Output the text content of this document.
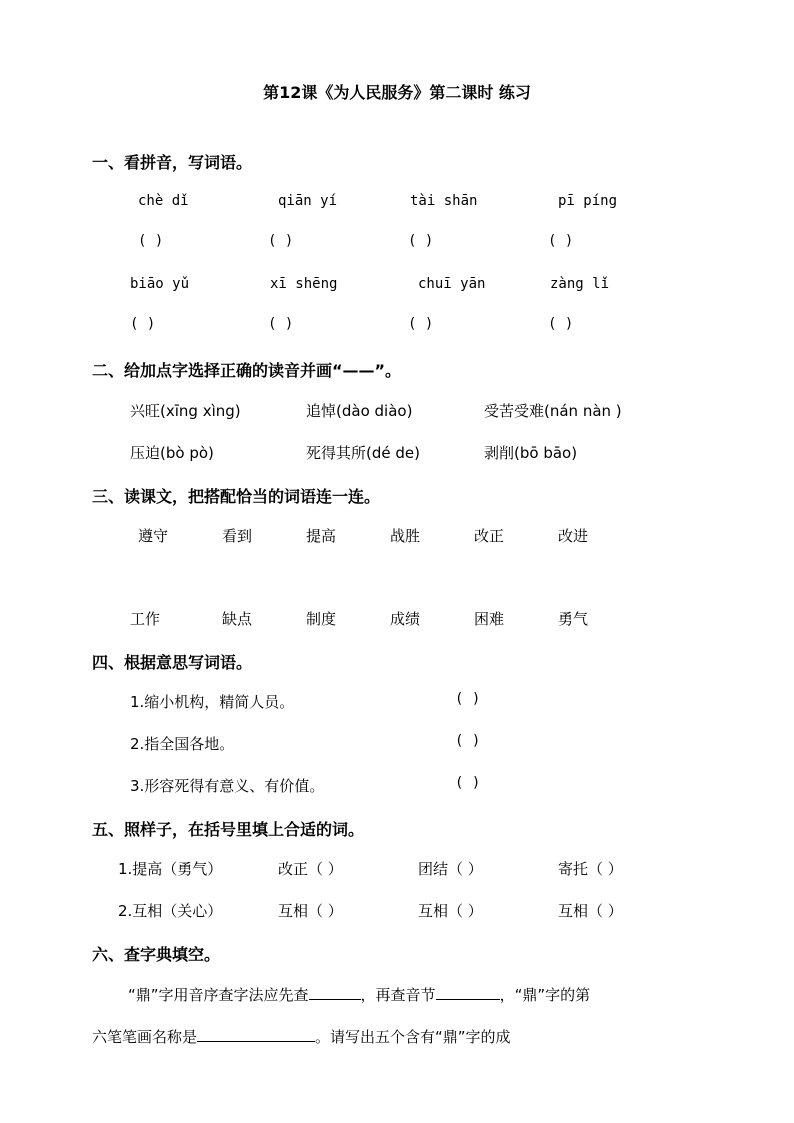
第12课《为人民服务》第二课时 练习
一、看拼音，写词语。
chè dǐ	qiān yí	tài shān	pī píng
( )	( )	( )	( )
biāo yǔ	xī shēng	chuī yān	zàng lǐ
( )	( )	( )	( )
二、给加点字选择正确的读音并画“——”。
兴旺(xīng xìng)	追悼(dào diào)	受苦受难(nán nàn )
压迫(bò pò)	死得其所(dé de)	剥削(bō bāo)
三、读课文，把搭配恰当的词语连一连。
遵守	看到	提高	战胜	改正	改进
工作	缺点	制度	成绩	困难	勇气
四、根据意思写词语。
1.缩小机构，精简人员。	( )
2.指全国各地。	( )
3.形容死得有意义、有价值。	( )
五、照样子，在括号里填上合适的词。
1.提高（勇气）	改正（ ）	团结（ ）	寄托（ ）
2.互相（关心）	互相（ ）	互相（ ）	互相（ ）
六、查字典填空。
“鼎”字用音序查字法应先查	，再查音节	，“鼎”字的第
六笔笔画名称是	。请写出五个含有“鼎”字的成
